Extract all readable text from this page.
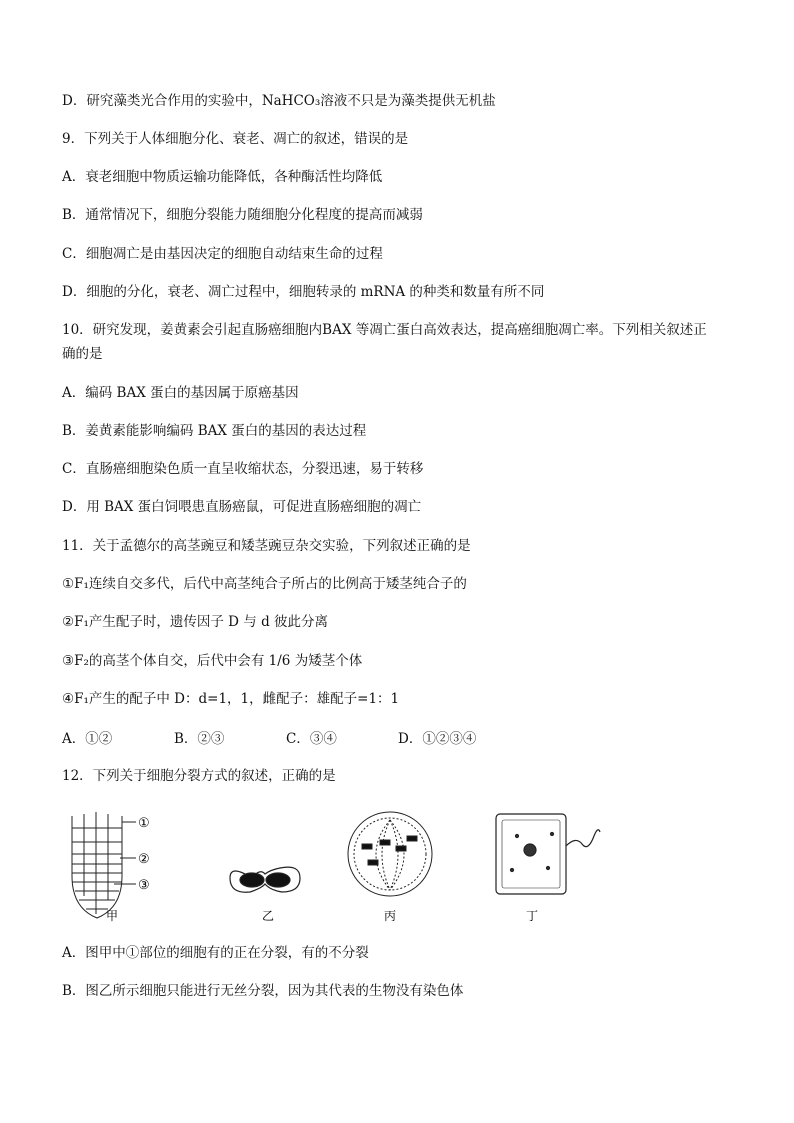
D．研究藻类光合作用的实验中，NaHCO₃溶液不只是为藻类提供无机盐
9．下列关于人体细胞分化、衰老、凋亡的叙述，错误的是
A．衰老细胞中物质运输功能降低，各种酶活性均降低
B．通常情况下，细胞分裂能力随细胞分化程度的提高而减弱
C．细胞凋亡是由基因决定的细胞自动结束生命的过程
D．细胞的分化，衰老、凋亡过程中，细胞转录的 mRNA 的种类和数量有所不同
10．研究发现，姜黄素会引起直肠癌细胞内BAX 等凋亡蛋白高效表达，提高癌细胞凋亡率。下列相关叙述正
确的是
A．编码 BAX 蛋白的基因属于原癌基因
B．姜黄素能影响编码 BAX 蛋白的基因的表达过程
C．直肠癌细胞染色质一直呈收缩状态，分裂迅速，易于转移
D．用 BAX 蛋白饲喂患直肠癌鼠，可促进直肠癌细胞的凋亡
11．关于孟德尔的高茎豌豆和矮茎豌豆杂交实验，下列叙述正确的是
①F₁连续自交多代，后代中高茎纯合子所占的比例高于矮茎纯合子的
②F₁产生配子时，遗传因子 D 与 d 彼此分离
③F₂的高茎个体自交，后代中会有 1/6 为矮茎个体
④F₁产生的配子中 D：d=1，1，雌配子：雄配子=1：1
A．①②	B．②③	C．③④	D．①②③④
12．下列关于细胞分裂方式的叙述，正确的是
①
②
③
甲	乙	丙	丁
A．图甲中①部位的细胞有的正在分裂，有的不分裂
B．图乙所示细胞只能进行无丝分裂，因为其代表的生物没有染色体
